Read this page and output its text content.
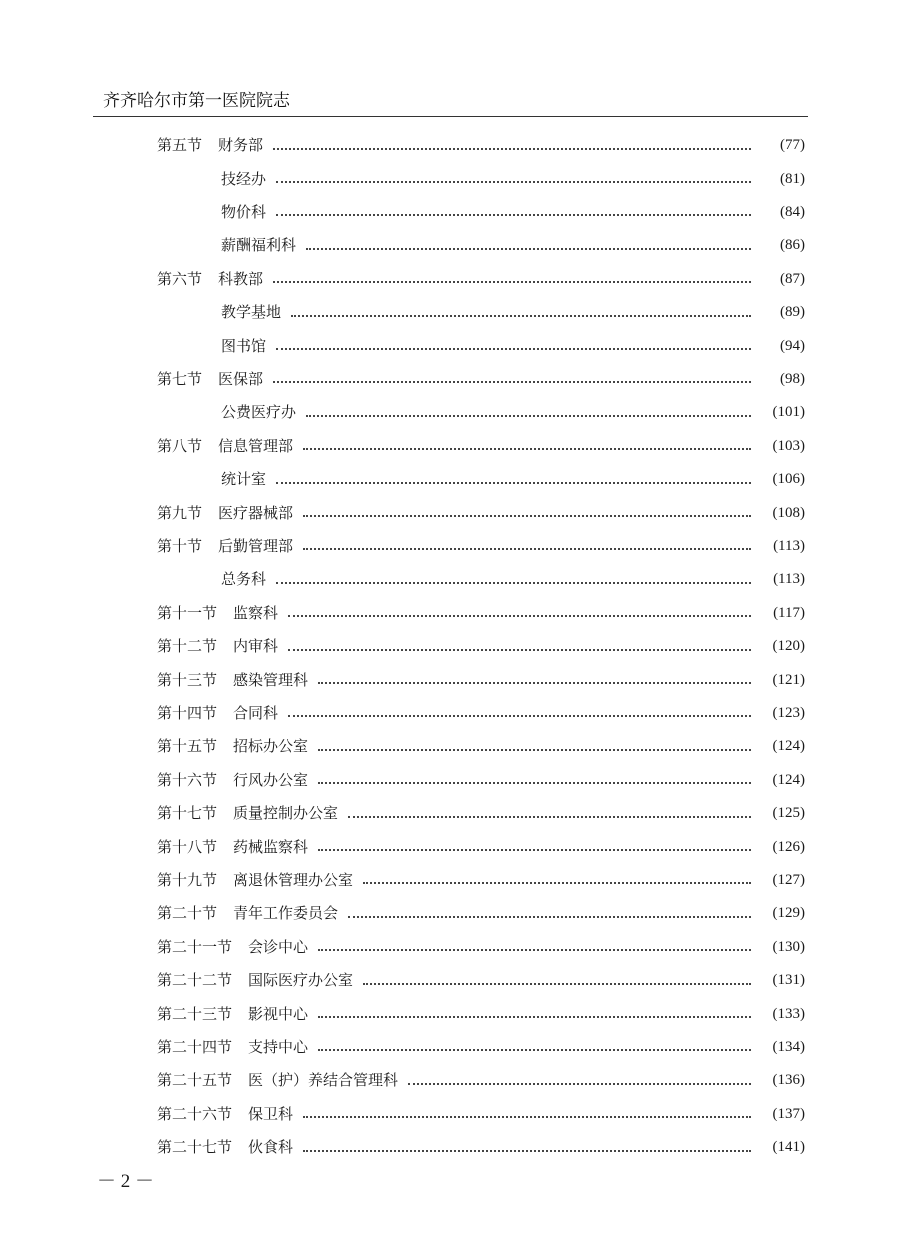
齐齐哈尔市第一医院院志
第五节 财务部	(77)
技经办	(81)
物价科	(84)
薪酬福利科	(86)
第六节 科教部	(87)
教学基地	(89)
图书馆	(94)
第七节 医保部	(98)
公费医疗办	(101)
第八节 信息管理部	(103)
统计室	(106)
第九节 医疗器械部	(108)
第十节 后勤管理部	(113)
总务科	(113)
第十一节 监察科	(117)
第十二节 内审科	(120)
第十三节 感染管理科	(121)
第十四节 合同科	(123)
第十五节 招标办公室	(124)
第十六节 行风办公室	(124)
第十七节 质量控制办公室	(125)
第十八节 药械监察科	(126)
第十九节 离退休管理办公室	(127)
第二十节 青年工作委员会	(129)
第二十一节 会诊中心	(130)
第二十二节 国际医疗办公室	(131)
第二十三节 影视中心	(133)
第二十四节 支持中心	(134)
第二十五节 医（护）养结合管理科	(136)
第二十六节 保卫科	(137)
第二十七节 伙食科	(141)
－ 2 －
